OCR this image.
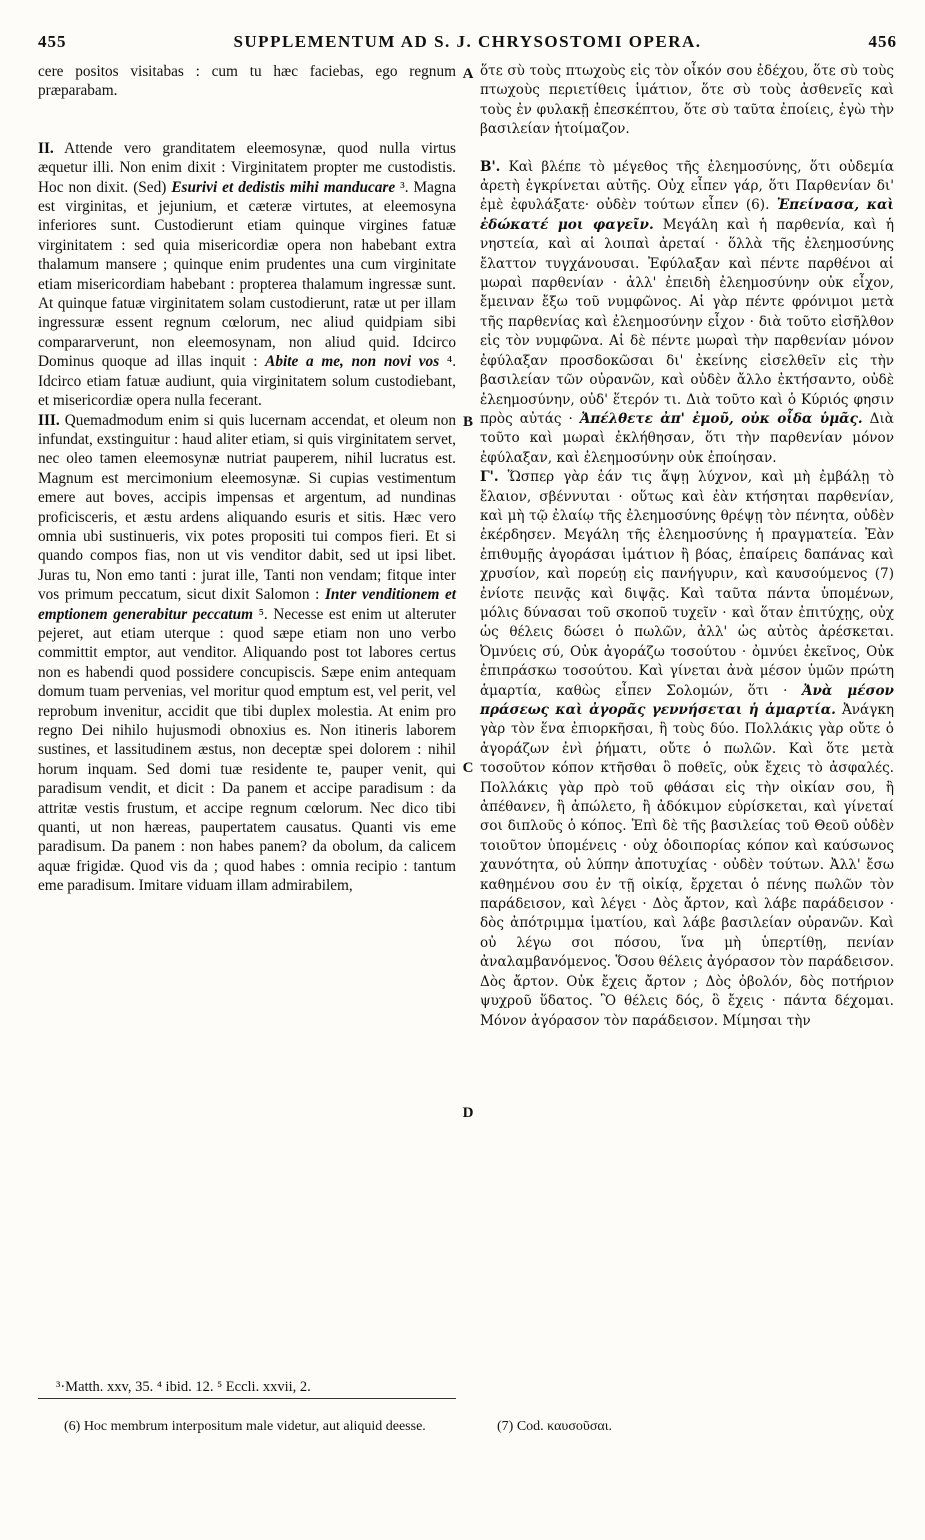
455	SUPPLEMENTUM AD S. J. CHRYSOSTOMI OPERA.	456

cere positos visitabas : cum tu hæc faciebas, ego regnum præparabam.

II. Attende vero granditatem eleemosynæ, quod nulla virtus æquetur illi. Non enim dixit : Virginitatem propter me custodistis. Hoc non dixit. (Sed) Esurivi et dedistis mihi manducare ³. Magna est virginitas, et jejunium, et cæteræ virtutes, at eleemosyna inferiores sunt. Custodierunt etiam quinque virgines fatuæ virginitatem : sed quia misericordiæ opera non habebant extra thalamum mansere ; quinque enim prudentes una cum virginitate etiam misericordiam habebant : propterea thalamum ingressæ sunt. At quinque fatuæ virginitatem solam custodierunt, ratæ ut per illam ingressuræ essent regnum cœlorum, nec aliud quidpiam sibi compararverunt, non eleemosynam, non aliud quid. Idcirco Dominus quoque ad illas inquit : Abite a me, non novi vos ⁴. Idcirco etiam fatuæ audiunt, quia virginitatem solum custodiebant, et misericordiæ opera nulla fecerant.

III. Quemadmodum enim si quis lucernam accendat, et oleum non infundat, exstinguitur : haud aliter etiam, si quis virginitatem servet, nec oleo tamen eleemosynæ nutriat pauperem, nihil lucratus est. Magnum est mercimonium eleemosynæ. Si cupias vestimentum emere aut boves, accipis impensas et argentum, ad nundinas proficisceris, et æstu ardens aliquando esuris et sitis. Hæc vero omnia ubi sustinueris, vix potes propositi tui compos fieri. Et si quando compos fias, non ut vis venditor dabit, sed ut ipsi libet. Juras tu, Non emo tanti : jurat ille, Tanti non vendam; fitque inter vos primum peccatum, sicut dixit Salomon : Inter venditionem et emptionem generabitur peccatum ⁵. Necesse est enim ut alteruter pejeret, aut etiam uterque : quod sæpe etiam non uno verbo committit emptor, aut venditor. Aliquando post tot labores certus non es habendi quod possidere concupiscis. Sæpe enim antequam domum tuam pervenias, vel moritur quod emptum est, vel perit, vel reprobum invenitur, accidit que tibi duplex molestia. At enim pro regno Dei nihilo hujusmodi obnoxius es. Non itineris laborem sustines, et lassitudinem æstus, non deceptæ spei dolorem : nihil horum inquam. Sed domi tuæ residente te, pauper venit, qui paradisum vendit, et dicit : Da panem et accipe paradisum : da attritæ vestis frustum, et accipe regnum cœlorum. Nec dico tibi quanti, ut non hæreas, paupertatem causatus. Quanti vis eme paradisum. Da panem : non habes panem? da obolum, da calicem aquæ frigidæ. Quod vis da ; quod habes : omnia recipio : tantum eme paradisum. Imitare viduam illam admirabilem,

A
B
C
D

ὅτε σὺ τοὺς πτωχοὺς εἰς τὸν οἶκόν σου ἐδέχου, ὅτε σὺ τοὺς πτωχοὺς περιετίθεις ἱμάτιον, ὅτε σὺ τοὺς ἀσθενεῖς καὶ τοὺς ἐν φυλακῇ ἐπεσκέπτου, ὅτε σὺ ταῦτα ἐποίεις, ἐγὼ τὴν βασιλείαν ἡτοίμαζον.

Β'. Καὶ βλέπε τὸ μέγεθος τῆς ἐλεημοσύνης, ὅτι οὐδεμία ἀρετὴ ἐγκρίνεται αὐτῆς. Οὐχ εἶπεν γάρ, ὅτι Παρθενίαν δι' ἐμὲ ἐφυλάξατε· οὐδὲν τούτων εἶπεν (6). Ἐπείνασα, καὶ ἐδώκατέ μοι φαγεῖν. Μεγάλη καὶ ἡ παρθενία, καὶ ἡ νηστεία, καὶ αἱ λοιπαὶ ἀρεταί · ὅλλὰ τῆς ἐλεημοσύνης ἔλαττον τυγχάνουσαι. Ἐφύλαξαν καὶ πέντε παρθένοι αἱ μωραὶ παρθενίαν · ἀλλ' ἐπειδὴ ἐλεημοσύνην οὐκ εἶχον, ἔμειναν ἔξω τοῦ νυμφῶνος. Αἱ γὰρ πέντε φρόνιμοι μετὰ τῆς παρθενίας καὶ ἐλεημοσύνην εἶχον · διὰ τοῦτο εἰσῆλθον εἰς τὸν νυμφῶνα. Αἱ δὲ πέντε μωραὶ τὴν παρθενίαν μόνον ἐφύλαξαν προσδοκῶσαι δι' ἐκείνης εἰσελθεῖν εἰς τὴν βασιλείαν τῶν οὐρανῶν, καὶ οὐδὲν ἄλλο ἐκτήσαντο, οὐδὲ ἐλεημοσύνην, οὐδ' ἕτερόν τι. Διὰ τοῦτο καὶ ὁ Κύριός φησιν πρὸς αὐτάς · Ἀπέλθετε ἀπ' ἐμοῦ, οὐκ οἶδα ὑμᾶς. Διὰ τοῦτο καὶ μωραὶ ἐκλήθησαν, ὅτι τὴν παρθενίαν μόνον ἐφύλαξαν, καὶ ἐλεημοσύνην οὐκ ἐποίησαν.

Γ'. Ὥσπερ γὰρ ἐάν τις ἅψῃ λύχνον, καὶ μὴ ἐμβάλῃ τὸ ἔλαιον, σβέννυται · οὕτως καὶ ἐὰν κτήσηται παρθενίαν, καὶ μὴ τῷ ἐλαίῳ τῆς ἐλεημοσύνης θρέψῃ τὸν πένητα, οὐδὲν ἐκέρδησεν. Μεγάλη τῆς ἐλεημοσύνης ἡ πραγματεία. Ἐὰν ἐπιθυμῇς ἀγοράσαι ἱμάτιον ἢ βόας, ἐπαίρεις δαπάνας καὶ χρυσίον, καὶ πορεύῃ εἰς πανήγυριν, καὶ καυσούμενος (7) ἐνίοτε πεινᾷς καὶ διψᾷς. Καὶ ταῦτα πάντα ὑπομένων, μόλις δύνασαι τοῦ σκοποῦ τυχεῖν · καὶ ὅταν ἐπιτύχῃς, οὐχ ὡς θέλεις δώσει ὁ πωλῶν, ἀλλ' ὡς αὐτὸς ἀρέσκεται. Ὀμνύεις σύ, Οὐκ ἀγοράζω τοσούτου · ὀμνύει ἐκεῖνος, Οὐκ ἐπιπράσκω τοσούτου. Καὶ γίνεται ἀνὰ μέσον ὑμῶν πρώτη ἁμαρτία, καθὼς εἶπεν Σολομών, ὅτι · Ἀνὰ μέσον πράσεως καὶ ἀγορᾶς γεννήσεται ἡ ἁμαρτία. Ἀνάγκη γὰρ τὸν ἕνα ἐπιορκῆσαι, ἢ τοὺς δύο. Πολλάκις γὰρ οὔτε ὁ ἀγοράζων ἐνὶ ῥήματι, οὔτε ὁ πωλῶν. Καὶ ὅτε μετὰ τοσοῦτον κόπον κτῆσθαι ὃ ποθεῖς, οὐκ ἔχεις τὸ ἀσφαλές. Πολλάκις γὰρ πρὸ τοῦ φθάσαι εἰς τὴν οἰκίαν σου, ἢ ἀπέθανεν, ἢ ἀπώλετο, ἢ ἀδόκιμον εὑρίσκεται, καὶ γίνεταί σοι διπλοῦς ὁ κόπος. Ἐπὶ δὲ τῆς βασιλείας τοῦ Θεοῦ οὐδὲν τοιοῦτον ὑπομένεις · οὐχ ὁδοιπορίας κόπον καὶ καύσωνος χαυνότητα, οὐ λύπην ἀποτυχίας · οὐδὲν τούτων. Ἀλλ' ἔσω καθημένου σου ἐν τῇ οἰκίᾳ, ἔρχεται ὁ πένης πωλῶν τὸν παράδεισον, καὶ λέγει · Δὸς ἄρτον, καὶ λάβε παράδεισον · δὸς ἀπότριμμα ἱματίου, καὶ λάβε βασιλείαν οὐρανῶν. Καὶ οὐ λέγω σοι πόσου, ἵνα μὴ ὑπερτίθῃ, πενίαν ἀναλαμβανόμενος. Ὅσου θέλεις ἀγόρασον τὸν παράδεισον. Δὸς ἄρτον. Οὐκ ἔχεις ἄρτον ; Δὸς ὀβολόν, δὸς ποτήριον ψυχροῦ ὕδατος. Ὃ θέλεις δός, ὃ ἔχεις · πάντα δέχομαι. Μόνον ἀγόρασον τὸν παράδεισον. Μίμησαι τὴν

³·Matth. xxv, 35. ⁴ ibid. 12. ⁵ Eccli. xxvii, 2.
(6) Hoc membrum interpositum male videtur, aut aliquid deesse.	(7) Cod. καυσοῦσαι.
